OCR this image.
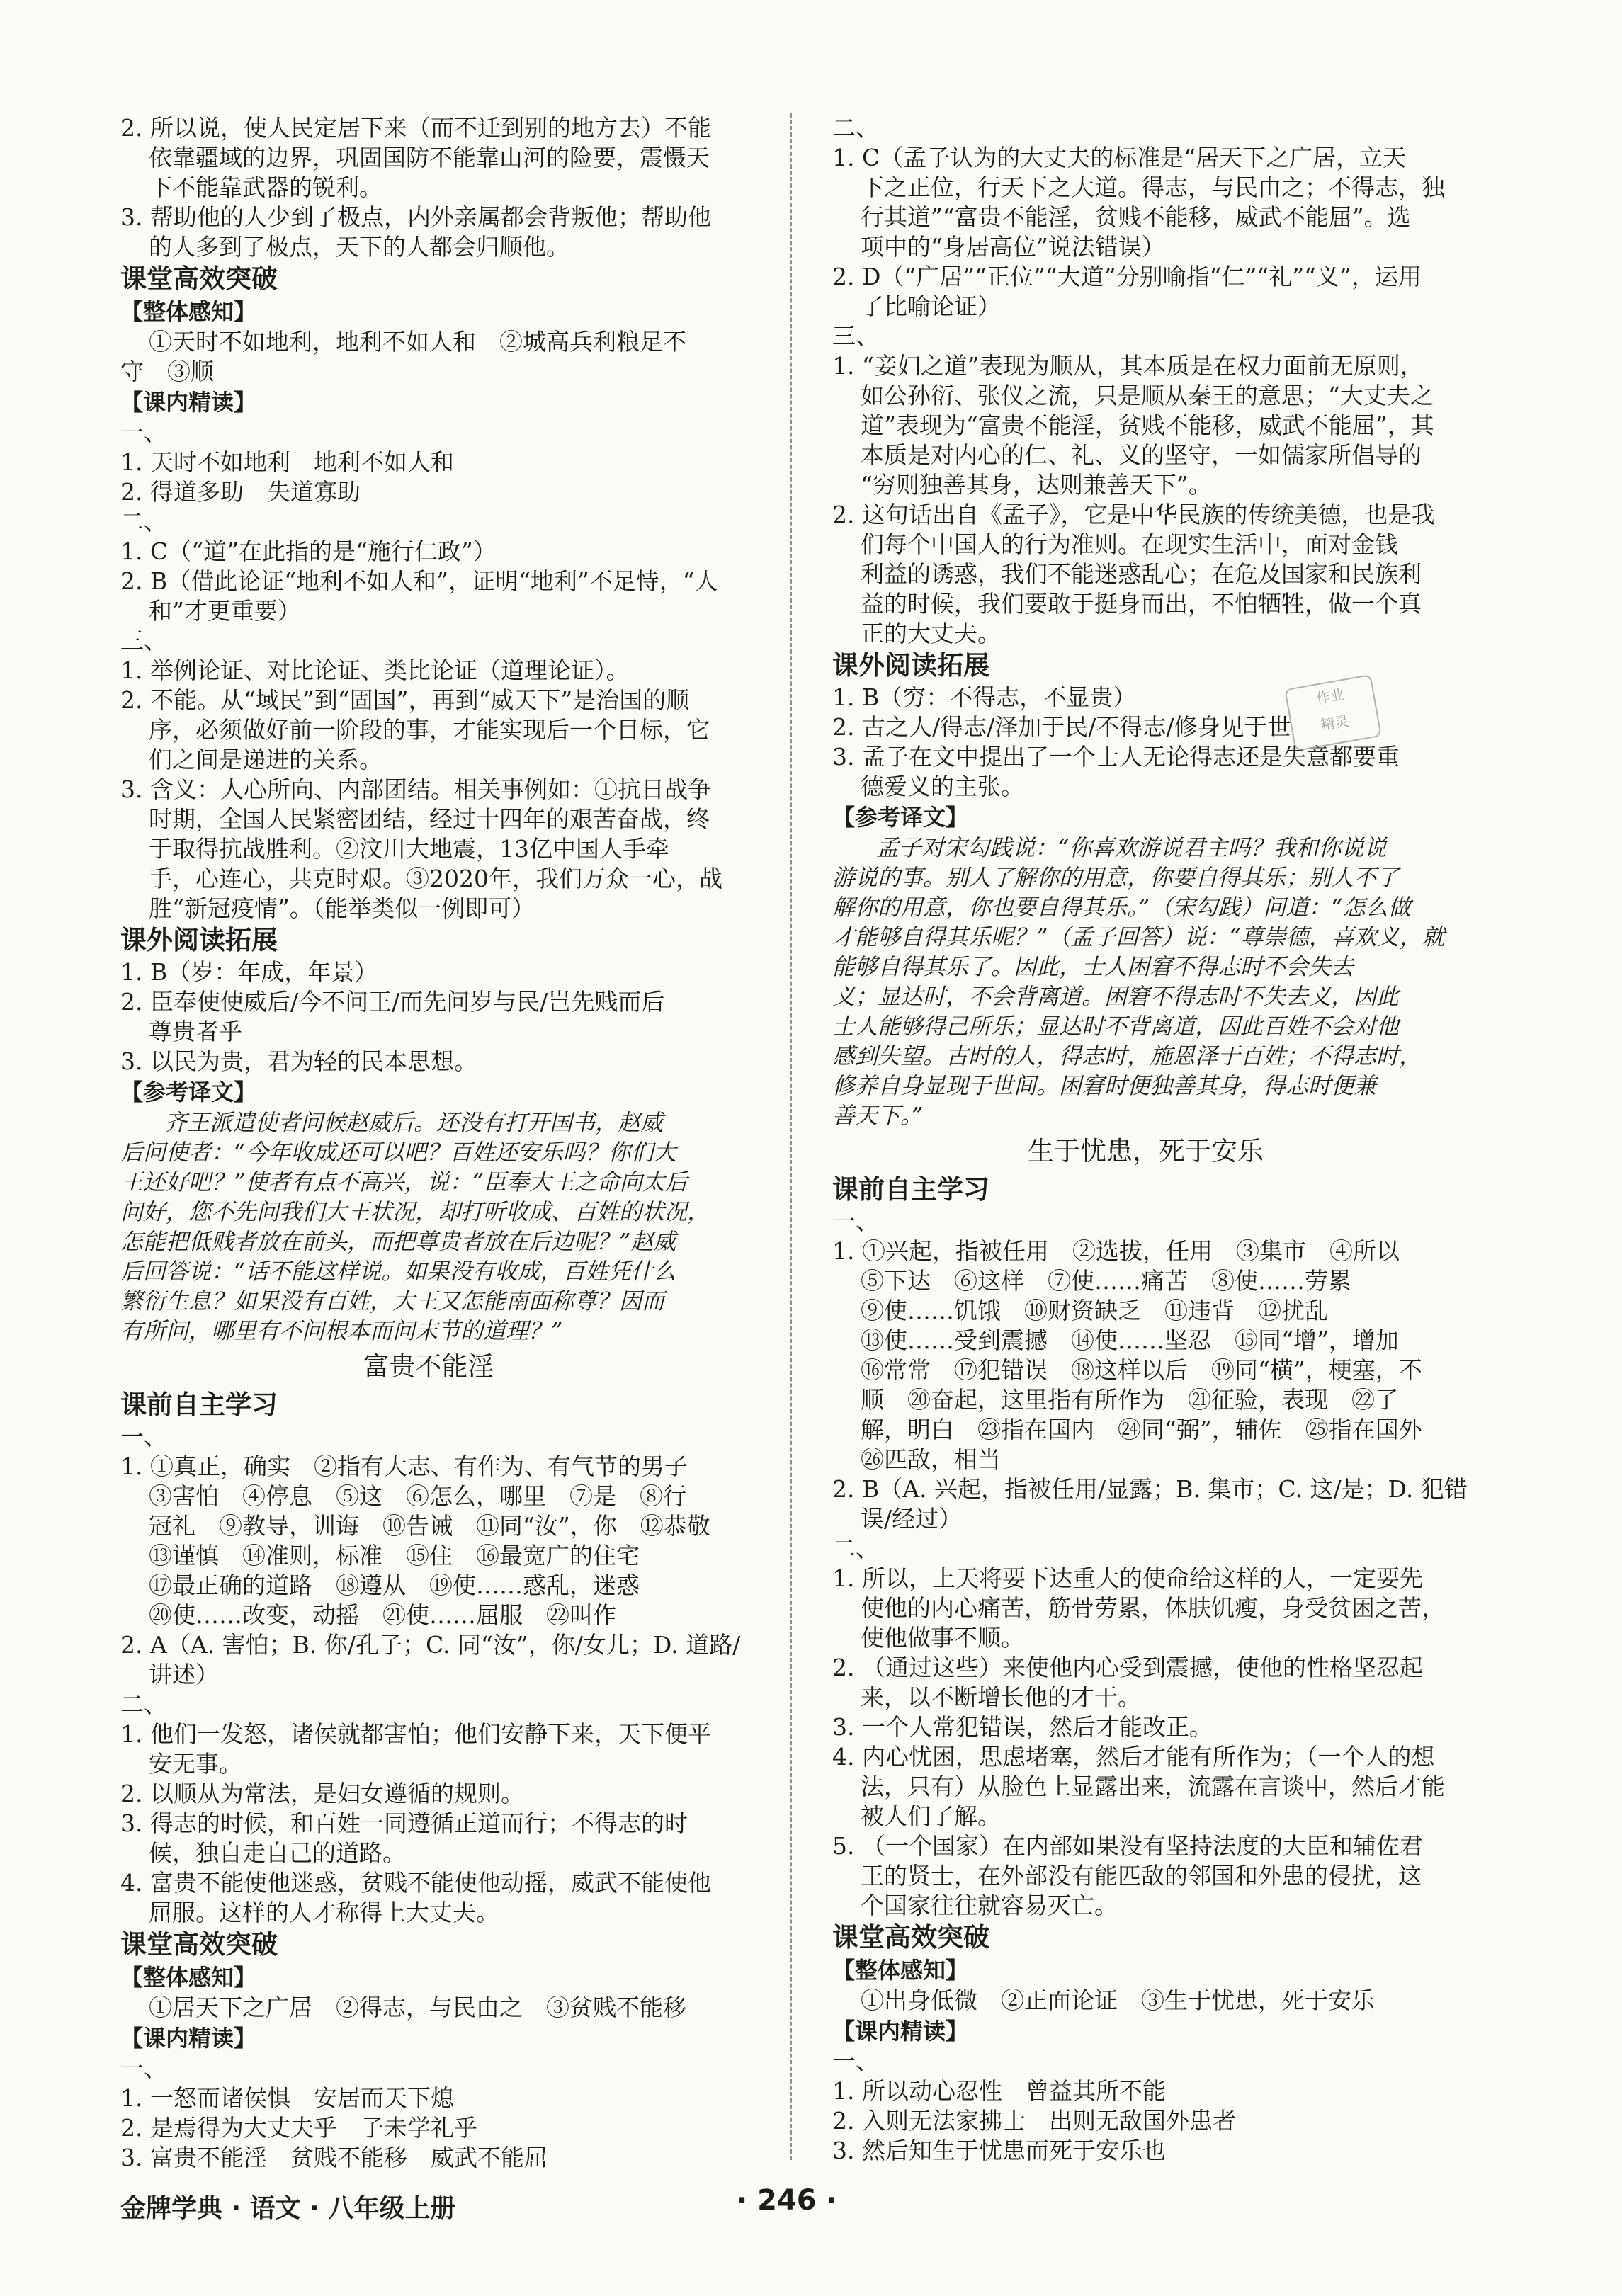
2. 所以说，使人民定居下来（而不迁到别的地方去）不能
依靠疆域的边界，巩固国防不能靠山河的险要，震慑天
下不能靠武器的锐利。
3. 帮助他的人少到了极点，内外亲属都会背叛他；帮助他
的人多到了极点，天下的人都会归顺他。
课堂高效突破
【整体感知】
①天时不如地利，地利不如人和　②城高兵利粮足不
守　③顺
【课内精读】
一、
1. 天时不如地利　地利不如人和
2. 得道多助　失道寡助
二、
1. C（“道”在此指的是“施行仁政”）
2. B（借此论证“地利不如人和”，证明“地利”不足恃，“人
和”才更重要）
三、
1. 举例论证、对比论证、类比论证（道理论证）。
2. 不能。从“域民”到“固国”，再到“威天下”是治国的顺
序，必须做好前一阶段的事，才能实现后一个目标，它
们之间是递进的关系。
3. 含义：人心所向、内部团结。相关事例如：①抗日战争
时期，全国人民紧密团结，经过十四年的艰苦奋战，终
于取得抗战胜利。②汶川大地震，13亿中国人手牵
手，心连心，共克时艰。③2020年，我们万众一心，战
胜“新冠疫情”。（能举类似一例即可）
课外阅读拓展
1. B（岁：年成，年景）
2. 臣奉使使威后/今不问王/而先问岁与民/岂先贱而后
尊贵者乎
3. 以民为贵，君为轻的民本思想。
【参考译文】
齐王派遣使者问候赵威后。还没有打开国书，赵威
后问使者：“今年收成还可以吧？百姓还安乐吗？你们大
王还好吧？”使者有点不高兴，说：“臣奉大王之命向太后
问好，您不先问我们大王状况，却打听收成、百姓的状况，
怎能把低贱者放在前头，而把尊贵者放在后边呢？”赵威
后回答说：“话不能这样说。如果没有收成，百姓凭什么
繁衍生息？如果没有百姓，大王又怎能南面称尊？因而
有所问，哪里有不问根本而问末节的道理？”
富贵不能淫
课前自主学习
一、
1. ①真正，确实　②指有大志、有作为、有气节的男子
③害怕　④停息　⑤这　⑥怎么，哪里　⑦是　⑧行
冠礼　⑨教导，训诲　⑩告诫　⑪同“汝”，你　⑫恭敬
⑬谨慎　⑭准则，标准　⑮住　⑯最宽广的住宅
⑰最正确的道路　⑱遵从　⑲使……惑乱，迷惑
⑳使……改变，动摇　㉑使……屈服　㉒叫作
2. A（A. 害怕；B. 你/孔子；C. 同“汝”，你/女儿；D. 道路/
讲述）
二、
1. 他们一发怒，诸侯就都害怕；他们安静下来，天下便平
安无事。
2. 以顺从为常法，是妇女遵循的规则。
3. 得志的时候，和百姓一同遵循正道而行；不得志的时
候，独自走自己的道路。
4. 富贵不能使他迷惑，贫贱不能使他动摇，威武不能使他
屈服。这样的人才称得上大丈夫。
课堂高效突破
【整体感知】
①居天下之广居　②得志，与民由之　③贫贱不能移
【课内精读】
一、
1. 一怒而诸侯惧　安居而天下熄
2. 是焉得为大丈夫乎　子未学礼乎
3. 富贵不能淫　贫贱不能移　威武不能屈
二、
1. C（孟子认为的大丈夫的标准是“居天下之广居，立天
下之正位，行天下之大道。得志，与民由之；不得志，独
行其道”“富贵不能淫，贫贱不能移，威武不能屈”。选
项中的“身居高位”说法错误）
2. D（“广居”“正位”“大道”分别喻指“仁”“礼”“义”，运用
了比喻论证）
三、
1. “妾妇之道”表现为顺从，其本质是在权力面前无原则，
如公孙衍、张仪之流，只是顺从秦王的意思；“大丈夫之
道”表现为“富贵不能淫，贫贱不能移，威武不能屈”，其
本质是对内心的仁、礼、义的坚守，一如儒家所倡导的
“穷则独善其身，达则兼善天下”。
2. 这句话出自《孟子》，它是中华民族的传统美德，也是我
们每个中国人的行为准则。在现实生活中，面对金钱
利益的诱惑，我们不能迷惑乱心；在危及国家和民族利
益的时候，我们要敢于挺身而出，不怕牺牲，做一个真
正的大丈夫。
课外阅读拓展
1. B（穷：不得志，不显贵）
2. 古之人/得志/泽加于民/不得志/修身见于世
3. 孟子在文中提出了一个士人无论得志还是失意都要重
德爱义的主张。
【参考译文】
孟子对宋勾践说：“你喜欢游说君主吗？我和你说说
游说的事。别人了解你的用意，你要自得其乐；别人不了
解你的用意，你也要自得其乐。”（宋勾践）问道：“怎么做
才能够自得其乐呢？”（孟子回答）说：“尊崇德，喜欢义，就
能够自得其乐了。因此，士人困窘不得志时不会失去
义；显达时，不会背离道。困窘不得志时不失去义，因此
士人能够得己所乐；显达时不背离道，因此百姓不会对他
感到失望。古时的人，得志时，施恩泽于百姓；不得志时，
修养自身显现于世间。困窘时便独善其身，得志时便兼
善天下。”
生于忧患，死于安乐
课前自主学习
一、
1. ①兴起，指被任用　②选拔，任用　③集市　④所以
⑤下达　⑥这样　⑦使……痛苦　⑧使……劳累
⑨使……饥饿　⑩财资缺乏　⑪违背　⑫扰乱
⑬使……受到震撼　⑭使……坚忍　⑮同“增”，增加
⑯常常　⑰犯错误　⑱这样以后　⑲同“横”，梗塞，不
顺　⑳奋起，这里指有所作为　㉑征验，表现　㉒了
解，明白　㉓指在国内　㉔同“弼”，辅佐　㉕指在国外
㉖匹敌，相当
2. B（A. 兴起，指被任用/显露；B. 集市；C. 这/是；D. 犯错
误/经过）
二、
1. 所以，上天将要下达重大的使命给这样的人，一定要先
使他的内心痛苦，筋骨劳累，体肤饥瘦，身受贫困之苦，
使他做事不顺。
2. （通过这些）来使他内心受到震撼，使他的性格坚忍起
来，以不断增长他的才干。
3. 一个人常犯错误，然后才能改正。
4. 内心忧困，思虑堵塞，然后才能有所作为；（一个人的想
法，只有）从脸色上显露出来，流露在言谈中，然后才能
被人们了解。
5. （一个国家）在内部如果没有坚持法度的大臣和辅佐君
王的贤士，在外部没有能匹敌的邻国和外患的侵扰，这
个国家往往就容易灭亡。
课堂高效突破
【整体感知】
①出身低微　②正面论证　③生于忧患，死于安乐
【课内精读】
一、
1. 所以动心忍性　曾益其所不能
2. 入则无法家拂士　出则无敌国外患者
3. 然后知生于忧患而死于安乐也
作业
精灵
金牌学典 · 语文 · 八年级上册	· 246 ·
